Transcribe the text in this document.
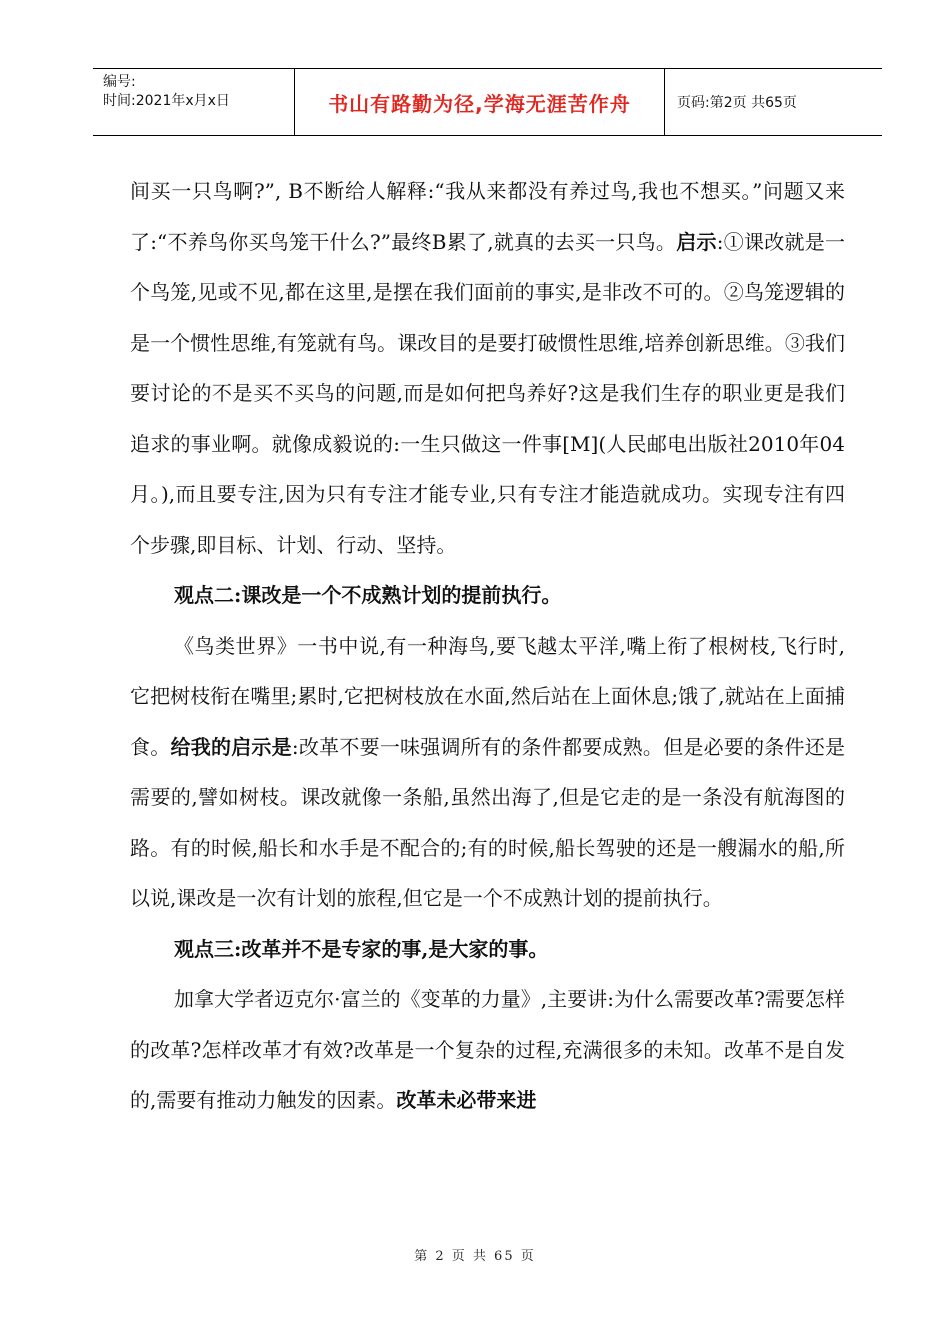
编号:
时间:2021年x月x日	书山有路勤为径,学海无涯苦作舟	页码:第2页 共65页

间买一只鸟啊?”, B不断给人解释:“我从来都没有养过鸟,我也不想买。”问题又来了:“不养鸟你买鸟笼干什么?”最终B累了,就真的去买一只鸟。启示:①课改就是一个鸟笼,见或不见,都在这里,是摆在我们面前的事实,是非改不可的。②鸟笼逻辑的是一个惯性思维,有笼就有鸟。课改目的是要打破惯性思维,培养创新思维。③我们要讨论的不是买不买鸟的问题,而是如何把鸟养好?这是我们生存的职业更是我们追求的事业啊。就像成毅说的:一生只做这一件事[M](人民邮电出版社2010年04月。),而且要专注,因为只有专注才能专业,只有专注才能造就成功。实现专注有四个步骤,即目标、计划、行动、坚持。

观点二:课改是一个不成熟计划的提前执行。

《鸟类世界》一书中说,有一种海鸟,要飞越太平洋,嘴上衔了根树枝,飞行时,它把树枝衔在嘴里;累时,它把树枝放在水面,然后站在上面休息;饿了,就站在上面捕食。给我的启示是:改革不要一味强调所有的条件都要成熟。但是必要的条件还是需要的,譬如树枝。课改就像一条船,虽然出海了,但是它走的是一条没有航海图的路。有的时候,船长和水手是不配合的;有的时候,船长驾驶的还是一艘漏水的船,所以说,课改是一次有计划的旅程,但它是一个不成熟计划的提前执行。

观点三:改革并不是专家的事,是大家的事。

加拿大学者迈克尔·富兰的《变革的力量》,主要讲:为什么需要改革?需要怎样的改革?怎样改革才有效?改革是一个复杂的过程,充满很多的未知。改革不是自发的,需要有推动力触发的因素。改革未必带来进

第 2 页 共 65 页
